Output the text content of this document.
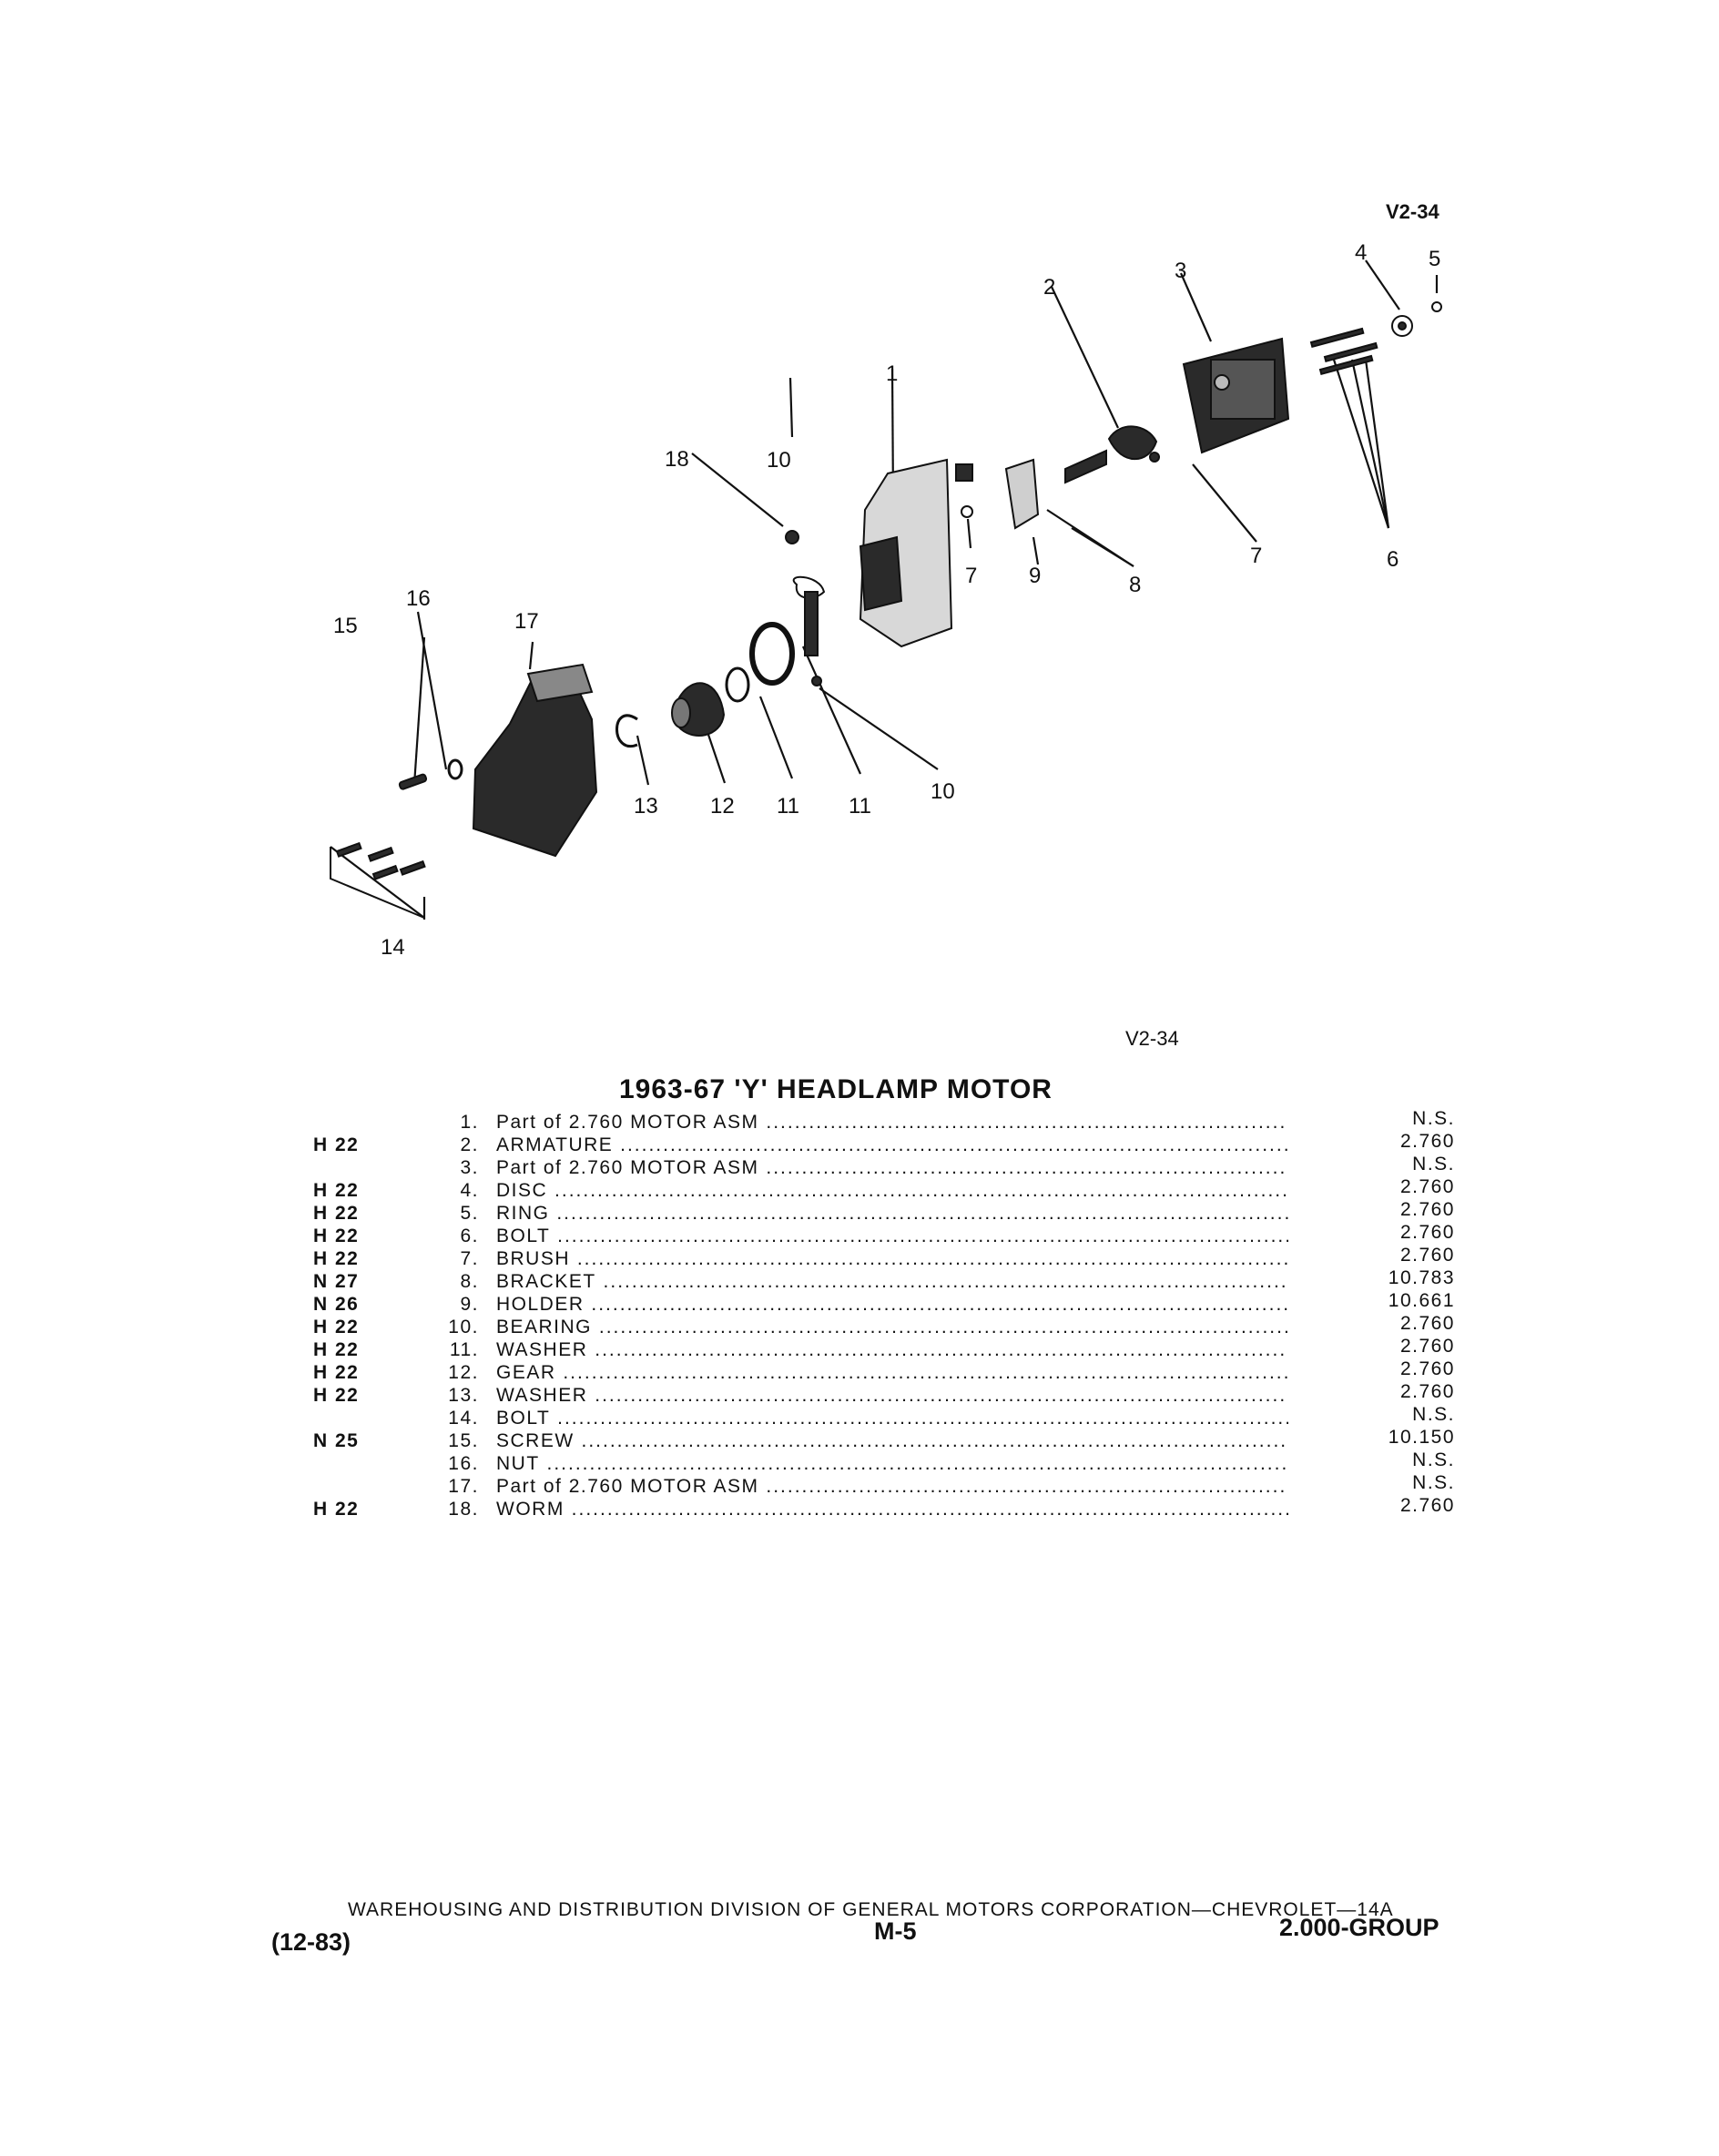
V2-34
2
3
4	5
6
7
1
7 9	8
18	10
10
11
11
12
13
16
15	17
14
V2-34
1963-67 'Y' HEADLAMP MOTOR
1. Part of 2.760 MOTOR ASM .....	N.S.
H 22	2. ARMATURE .....	2.760
3. Part of 2.760 MOTOR ASM .....	N.S.
H 22	4. DISC .....	2.760
H 22	5. RING .....	2.760
H 22	6. BOLT .....	2.760
H 22	7. BRUSH .....	2.760
N 27	8. BRACKET .....	10.783
N 26	9. HOLDER .....	10.661
H 22	10. BEARING .....	2.760
H 22	11. WASHER .....	2.760
H 22	12. GEAR .....	2.760
H 22	13. WASHER .....	2.760
14. BOLT .....	N.S.
N 25	15. SCREW .....	10.150
16. NUT .....	N.S.
17. Part of 2.760 MOTOR ASM .....	N.S.
H 22	18. WORM .....	2.760
WAREHOUSING AND DISTRIBUTION DIVISION OF GENERAL MOTORS CORPORATION—CHEVROLET—14A
(12-83)	M-5	2.000-GROUP
